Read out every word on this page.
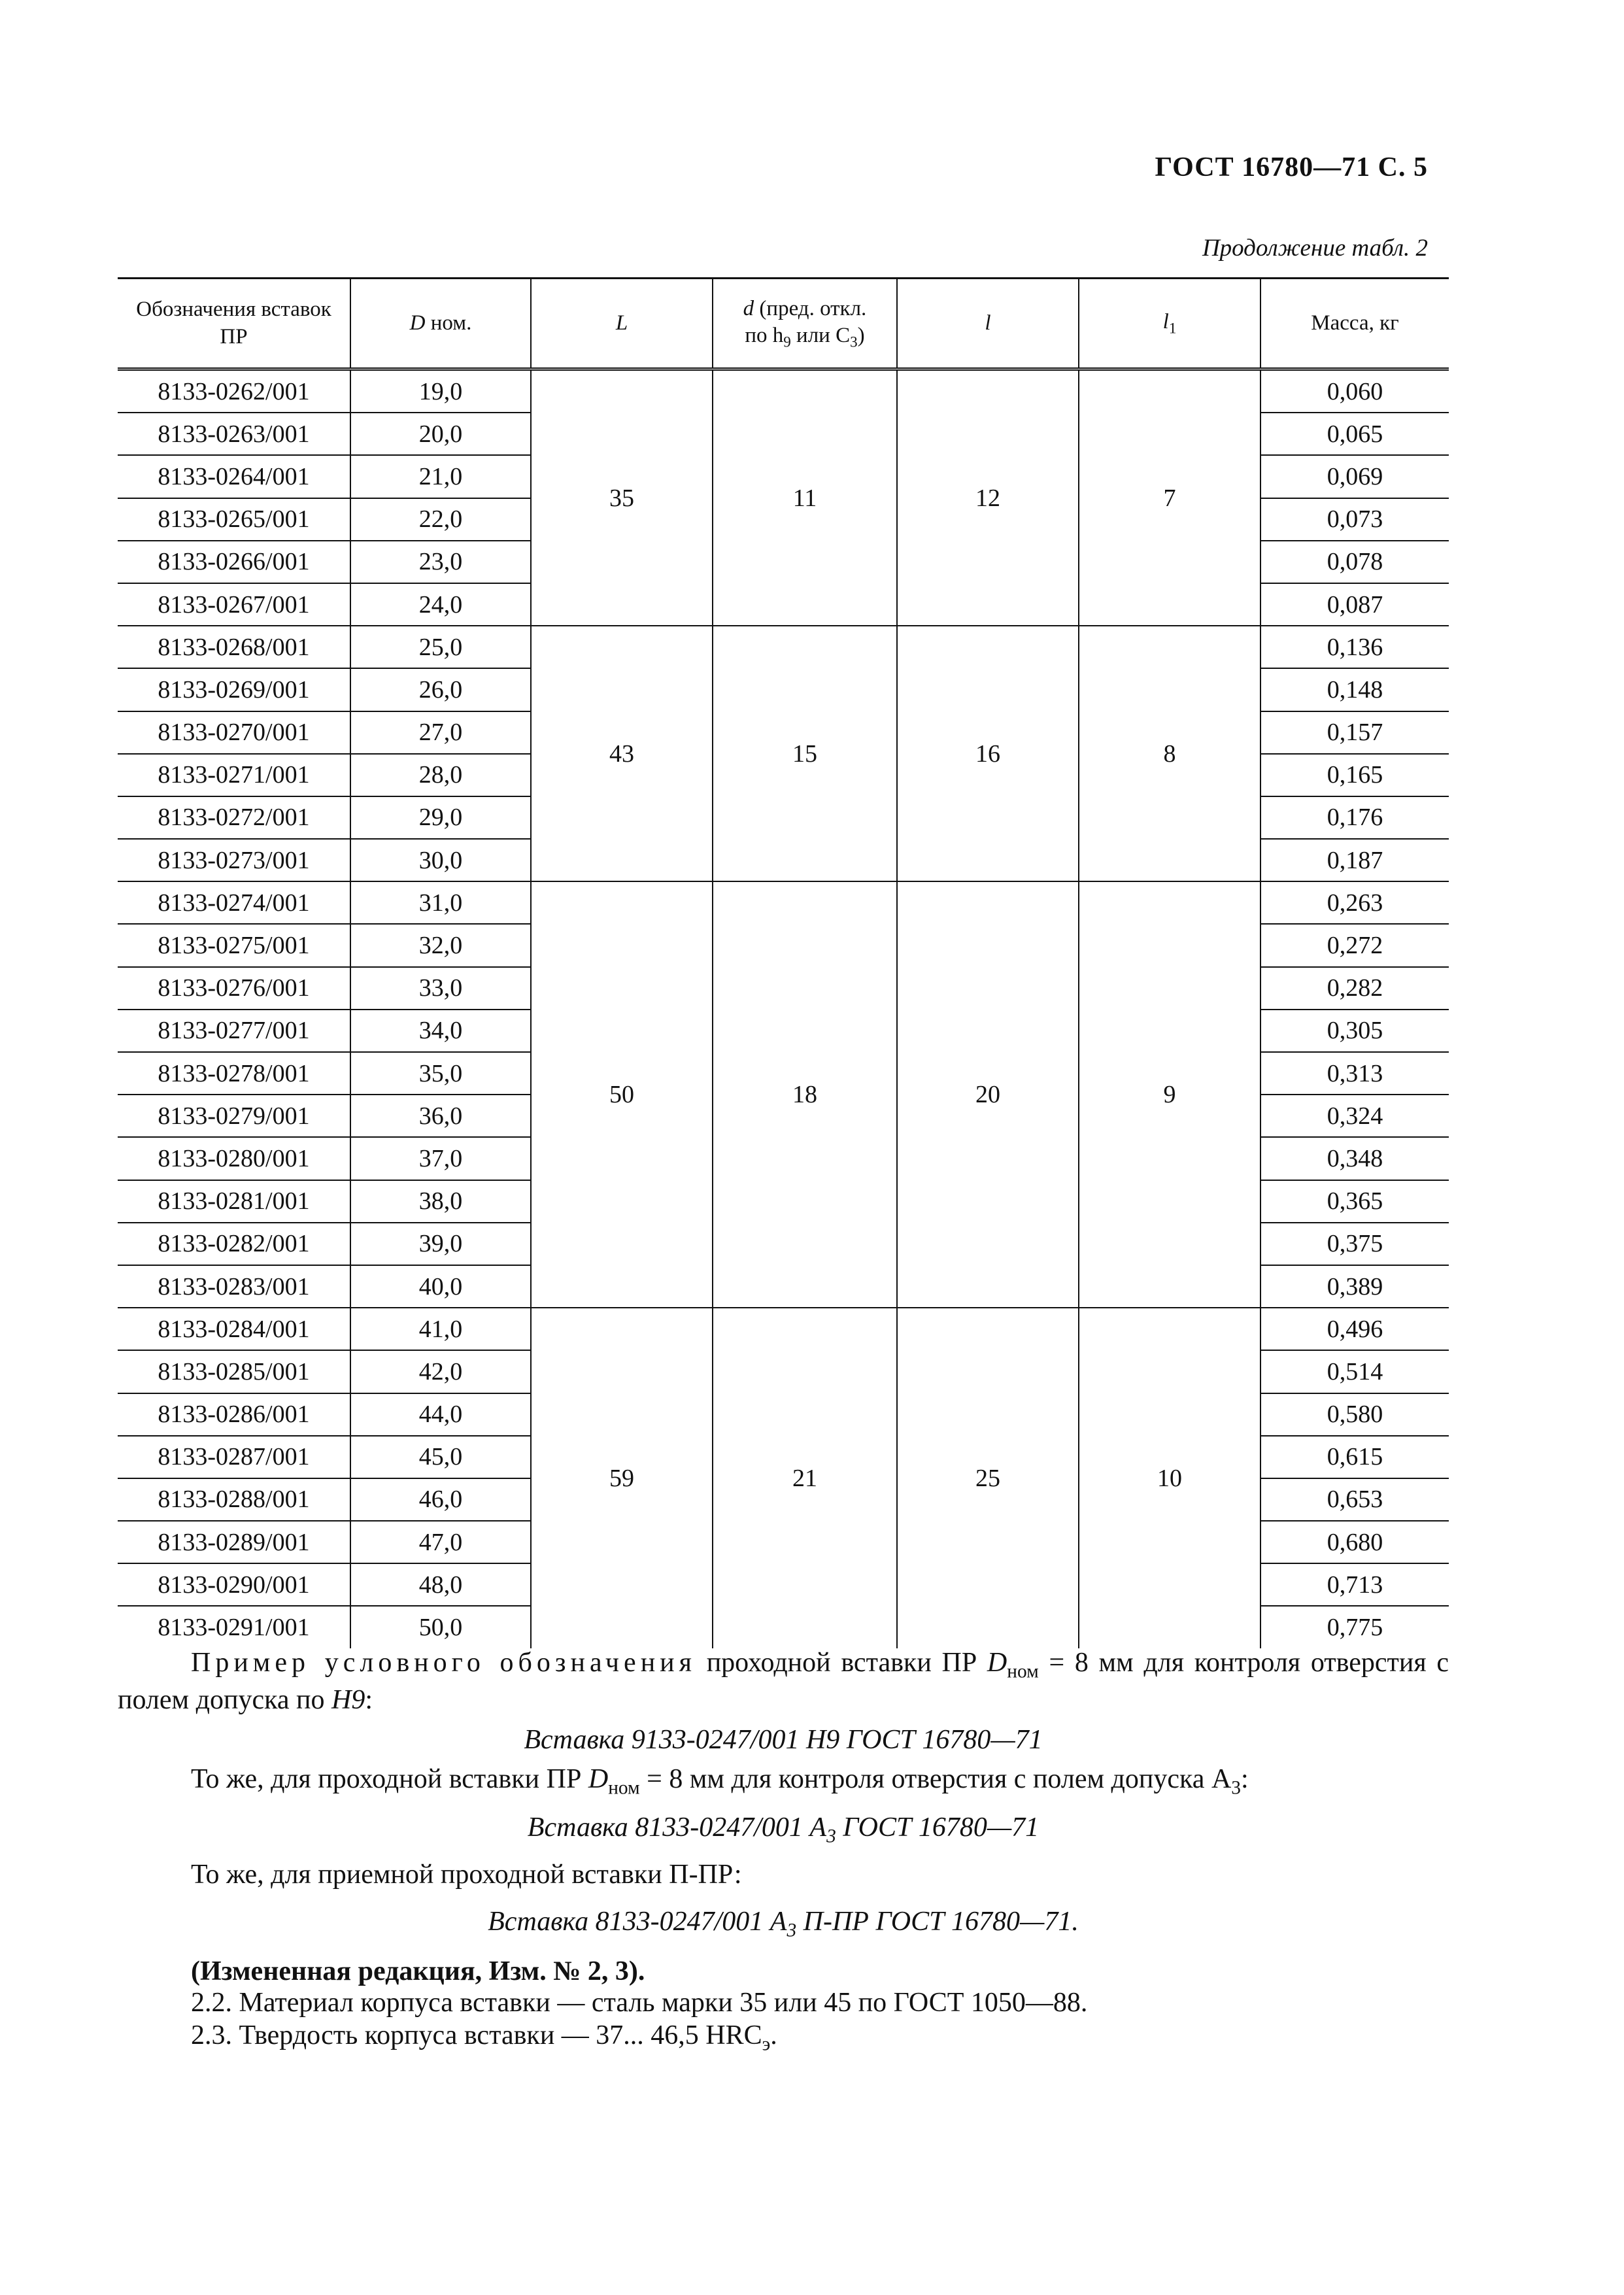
ГОСТ 16780—71 С. 5
Продолжение табл. 2
Обозначения вставок ПР	D ном.	L	d (пред. откл.
по $h_9$ или $С_3$)	l	$l_1$	Масса, кг
8133-0262/001	19,0	35	11	12	7	0,060
8133-0263/001	20,0					0,065
8133-0264/001	21,0					0,069
8133-0265/001	22,0					0,073
8133-0266/001	23,0					0,078
8133-0267/001	24,0					0,087
8133-0268/001	25,0	43	15	16	8	0,136
8133-0269/001	26,0					0,148
8133-0270/001	27,0					0,157
8133-0271/001	28,0					0,165
8133-0272/001	29,0					0,176
8133-0273/001	30,0					0,187
8133-0274/001	31,0	50	18	20	9	0,263
8133-0275/001	32,0					0,272
8133-0276/001	33,0					0,282
8133-0277/001	34,0					0,305
8133-0278/001	35,0					0,313
8133-0279/001	36,0					0,324
8133-0280/001	37,0					0,348
8133-0281/001	38,0					0,365
8133-0282/001	39,0					0,375
8133-0283/001	40,0					0,389
8133-0284/001	41,0	59	21	25	10	0,496
8133-0285/001	42,0					0,514
8133-0286/001	44,0					0,580
8133-0287/001	45,0					0,615
8133-0288/001	46,0					0,653
8133-0289/001	47,0					0,680
8133-0290/001	48,0					0,713
8133-0291/001	50,0					0,775
Пример условного обозначения проходной вставки ПР $D_{ном} = 8$ мм для контроля отверстия с полем допуска по H9:
Вставка 9133-0247/001 H9 ГОСТ 16780—71
То же, для проходной вставки ПР $D_{ном} = 8$ мм для контроля отверстия с полем допуска $А_3$:
Вставка 8133-0247/001 $А_3$ ГОСТ 16780—71
То же, для приемной проходной вставки П-ПР:
Вставка 8133-0247/001 $А_3$ П-ПР ГОСТ 16780—71.
(Измененная редакция, Изм. № 2, 3).
2.2. Материал корпуса вставки — сталь марки 35 или 45 по ГОСТ 1050—88.
2.3. Твердость корпуса вставки — 37... 46,5 $HRC_э$.
